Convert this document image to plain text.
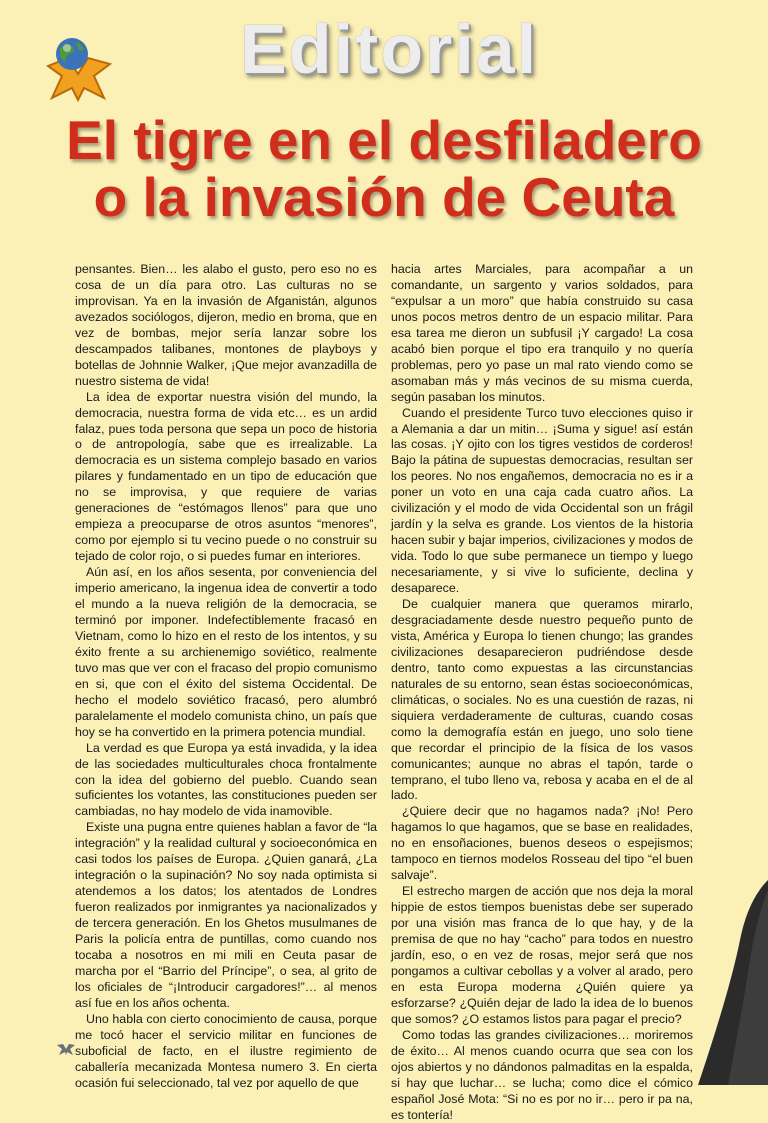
Editorial
El tigre en el desfiladero
o la invasión de Ceuta

pensantes. Bien… les alabo el gusto, pero eso no es cosa de un día para otro. Las culturas no se improvisan. Ya en la invasión de Afganistán, algunos avezados sociólogos, dijeron, medio en broma, que en vez de bombas, mejor sería lanzar sobre los descampados talibanes, montones de playboys y botellas de Johnnie Walker, ¡Que mejor avanzadilla de nuestro sistema de vida!

La idea de exportar nuestra visión del mundo, la democracia, nuestra forma de vida etc… es un ardid falaz, pues toda persona que sepa un poco de historia o de antropología, sabe que es irrealizable. La democracia es un sistema complejo basado en varios pilares y fundamentado en un tipo de educación que no se improvisa, y que requiere de varias generaciones de “estómagos llenos” para que uno empieza a preocuparse de otros asuntos “menores”, como por ejemplo si tu vecino puede o no construir su tejado de color rojo, o si puedes fumar en interiores.

Aún así, en los años sesenta, por conveniencia del imperio americano, la ingenua idea de convertir a todo el mundo a la nueva religión de la democracia, se terminó por imponer. Indefectiblemente fracasó en Vietnam, como lo hizo en el resto de los intentos, y su éxito frente a su archienemigo soviético, realmente tuvo mas que ver con el fracaso del propio comunismo en si, que con el éxito del sistema Occidental. De hecho el modelo soviético fracasó, pero alumbró paralelamente el modelo comunista chino, un país que hoy se ha convertido en la primera potencia mundial.

La verdad es que Europa ya está invadida, y la idea de las sociedades multiculturales choca frontalmente con la idea del gobierno del pueblo. Cuando sean suficientes los votantes, las constituciones pueden ser cambiadas, no hay modelo de vida inamovible.

Existe una pugna entre quienes hablan a favor de “la integración” y la realidad cultural y socioeconómica en casi todos los países de Europa. ¿Quien ganará, ¿La integración o la supinación? No soy nada optimista si atendemos a los datos; los atentados de Londres fueron realizados por inmigrantes ya nacionalizados y de tercera generación. En los Ghetos musulmanes de Paris la policía entra de puntillas, como cuando nos tocaba a nosotros en mi mili en Ceuta pasar de marcha por el “Barrio del Príncipe”, o sea, al grito de los oficiales de “¡Introducir cargadores!”… al menos así fue en los años ochenta.

Uno habla con cierto conocimiento de causa, porque me tocó hacer el servicio militar en funciones de suboficial de facto, en el ilustre regimiento de caballería mecanizada Montesa numero 3. En cierta ocasión fui seleccionado, tal vez por aquello de que

hacia artes Marciales, para acompañar a un comandante, un sargento y varios soldados, para “expulsar a un moro” que había construido su casa unos pocos metros dentro de un espacio militar. Para esa tarea me dieron un subfusil ¡Y cargado! La cosa acabó bien porque el tipo era tranquilo y no quería problemas, pero yo pase un mal rato viendo como se asomaban más y más vecinos de su misma cuerda, según pasaban los minutos.

Cuando el presidente Turco tuvo elecciones quiso ir a Alemania a dar un mitin… ¡Suma y sigue! así están las cosas. ¡Y ojito con los tigres vestidos de corderos! Bajo la pátina de supuestas democracias, resultan ser los peores. No nos engañemos, democracia no es ir a poner un voto en una caja cada cuatro años. La civilización y el modo de vida Occidental son un frágil jardín y la selva es grande. Los vientos de la historia hacen subir y bajar imperios, civilizaciones y modos de vida. Todo lo que sube permanece un tiempo y luego necesariamente, y si vive lo suficiente, declina y desaparece.

De cualquier manera que queramos mirarlo, desgraciadamente desde nuestro pequeño punto de vista, América y Europa lo tienen chungo; las grandes civilizaciones desaparecieron pudriéndose desde dentro, tanto como expuestas a las circunstancias naturales de su entorno, sean éstas socioeconómicas, climáticas, o sociales. No es una cuestión de razas, ni siquiera verdaderamente de culturas, cuando cosas como la demografía están en juego, uno solo tiene que recordar el principio de la física de los vasos comunicantes; aunque no abras el tapón, tarde o temprano, el tubo lleno va, rebosa y acaba en el de al lado.

¿Quiere decir que no hagamos nada? ¡No! Pero hagamos lo que hagamos, que se base en realidades, no en ensoñaciones, buenos deseos o espejismos; tampoco en tiernos modelos Rosseau del tipo “el buen salvaje”.

El estrecho margen de acción que nos deja la moral hippie de estos tiempos buenistas debe ser superado por una visión mas franca de lo que hay, y de la premisa de que no hay “cacho” para todos en nuestro jardín, eso, o en vez de rosas, mejor será que nos pongamos a cultivar cebollas y a volver al arado, pero en esta Europa moderna ¿Quién quiere ya esforzarse? ¿Quién dejar de lado la idea de lo buenos que somos? ¿O estamos listos para pagar el precio?

Como todas las grandes civilizaciones… moriremos de éxito… Al menos cuando ocurra que sea con los ojos abiertos y no dándonos palmaditas en la espalda, si hay que luchar… se lucha; como dice el cómico español José Mota: “Si no es por no ir… pero ir pa na, es tontería!
